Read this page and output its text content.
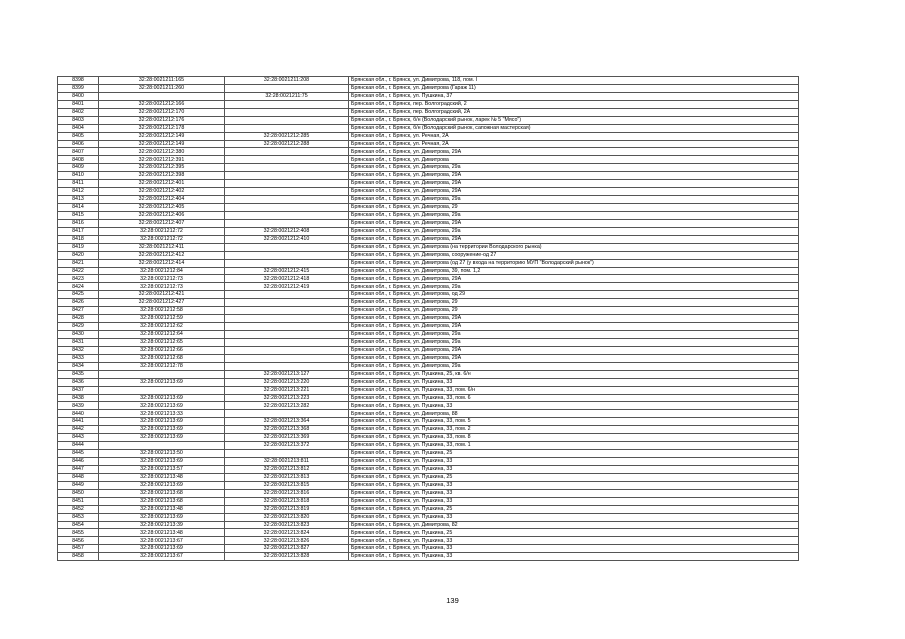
8398	32:28:0021211:165	32:28:0021211:208	Брянская обл., г. Брянск, ул. Димитрова, 118, пом. I
8399	32:28:0021211:260		Брянская обл., г. Брянск, ул. Димитрова (Гараж 11)
8400		32:28:0021211:75	Брянская обл., г. Брянск, ул. Пушкина, 37
8401	32:28:0021212:166		Брянская обл., г. Брянск, пер. Волгоградский, 2
8402	32:28:0021212:170		Брянская обл., г. Брянск, пер. Волгоградский, 2А
8403	32:28:0021212:176		Брянская обл., г. Брянск, б/н (Володарский рынок, ларек № 5 "Мясо")
8404	32:28:0021212:178		Брянская обл., г. Брянск, б/н (Володарский рынок, сапожная мастерская)
8405	32:28:0021212:149	32:28:0021212:285	Брянская обл., г. Брянск, ул. Речная, 2А
8406	32:28:0021212:149	32:28:0021212:288	Брянская обл., г. Брянск, ул. Речная, 2А
8407	32:28:0021212:380		Брянская обл., г. Брянск, ул. Димитрова, 29А
8408	32:28:0021212:391		Брянская обл., г. Брянск, ул. Димитрова
8409	32:28:0021212:395		Брянская обл., г. Брянск, ул. Димитрова, 29а
8410	32:28:0021212:398		Брянская обл., г. Брянск, ул. Димитрова, 29А
8411	32:28:0021212:401		Брянская обл., г. Брянск, ул. Димитрова, 29А
8412	32:28:0021212:402		Брянская обл., г. Брянск, ул. Димитрова, 29А
8413	32:28:0021212:404		Брянская обл., г. Брянск, ул. Димитрова, 29а
8414	32:28:0021212:405		Брянская обл., г. Брянск, ул. Димитрова, 29
8415	32:28:0021212:406		Брянская обл., г. Брянск, ул. Димитрова, 29а
8416	32:28:0021212:407		Брянская обл., г. Брянск, ул. Димитрова, 29А
8417	32:28:0021212:72	32:28:0021212:408	Брянская обл., г. Брянск, ул. Димитрова, 29а
8418	32:28:0021212:72	32:28:0021212:410	Брянская обл., г. Брянск, ул. Димитрова, 29А
8419	32:28:0021212:411		Брянская обл., г. Брянск, ул. Димитрова (на территории Володарского рынка)
8420	32:28:0021212:412		Брянская обл., г. Брянск, ул. Димитрова, сооружение-од 27
8421	32:28:0021212:414		Брянская обл., г. Брянск, ул. Димитрова (од 27 (у входа на территорию МУП "Володарский рынок")
8422	32:28:0021212:84	32:28:0021212:415	Брянская обл., г. Брянск, ул. Димитрова, 39, пом. 1,2
8423	32:28:0021212:73	32:28:0021212:418	Брянская обл., г. Брянск, ул. Димитрова, 29А
8424	32:28:0021212:73	32:28:0021212:419	Брянская обл., г. Брянск, ул. Димитрова, 29а
8425	32:28:0021212:421		Брянская обл., г. Брянск, ул. Димитрова, од 29
8426	32:28:0021212:427		Брянская обл., г. Брянск, ул. Димитрова, 29
8427	32:28:0021212:58		Брянская обл., г. Брянск, ул. Димитрова, 29
8428	32:28:0021212:59		Брянская обл., г. Брянск, ул. Димитрова, 29А
8429	32:28:0021212:62		Брянская обл., г. Брянск, ул. Димитрова, 29А
8430	32:28:0021212:64		Брянская обл., г. Брянск, ул. Димитрова, 29а
8431	32:28:0021212:65		Брянская обл., г. Брянск, ул. Димитрова, 29а
8432	32:28:0021212:66		Брянская обл., г. Брянск, ул. Димитрова, 29А
8433	32:28:0021212:68		Брянская обл., г. Брянск, ул. Димитрова, 29А
8434	32:28:0021212:78		Брянская обл., г. Брянск, ул. Димитрова, 29а
8435		32:28:0021213:127	Брянская обл., г. Брянск, ул. Пушкина, 25, кв. 6/н
8436	32:28:0021213:69	32:28:0021213:220	Брянская обл., г. Брянск, ул. Пушкина, 33
8437		32:28:0021213:221	Брянская обл., г. Брянск, ул. Пушкина, 33, пом. 6/н
8438	32:28:0021213:69	32:28:0021213:223	Брянская обл., г. Брянск, ул. Пушкина, 33, пом. 6
8439	32:28:0021213:69	32:28:0021213:282	Брянская обл., г. Брянск, ул. Пушкина, 33
8440	32:28:0021213:33		Брянская обл., г. Брянск, ул. Димитрова, 88
8441	32:28:0021213:69	32:28:0021213:364	Брянская обл., г. Брянск, ул. Пушкина, 33, пом. 5
8442	32:28:0021213:69	32:28:0021213:368	Брянская обл., г. Брянск, ул. Пушкина, 33, пом. 2
8443	32:28:0021213:69	32:28:0021213:369	Брянская обл., г. Брянск, ул. Пушкина, 33, пом. 8
8444		32:28:0021213:372	Брянская обл., г. Брянск, ул. Пушкина, 33, пом. 1
8445	32:28:0021213:50		Брянская обл., г. Брянск, ул. Пушкина, 25
8446	32:28:0021213:69	32:28:0021213:811	Брянская обл., г. Брянск, ул. Пушкина, 33
8447	32:28:0021213:57	32:28:0021213:812	Брянская обл., г. Брянск, ул. Пушкина, 33
8448	32:28:0021213:48	32:28:0021213:813	Брянская обл., г. Брянск, ул. Пушкина, 25
8449	32:28:0021213:69	32:28:0021213:815	Брянская обл., г. Брянск, ул. Пушкина, 33
8450	32:28:0021213:68	32:28:0021213:816	Брянская обл., г. Брянск, ул. Пушкина, 33
8451	32:28:0021213:68	32:28:0021213:818	Брянская обл., г. Брянск, ул. Пушкина, 33
8452	32:28:0021213:48	32:28:0021213:819	Брянская обл., г. Брянск, ул. Пушкина, 25
8453	32:28:0021213:69	32:28:0021213:820	Брянская обл., г. Брянск, ул. Пушкина, 33
8454	32:28:0021213:39	32:28:0021213:823	Брянская обл., г. Брянск, ул. Димитрова, 82
8455	32:28:0021213:48	32:28:0021213:824	Брянская обл., г. Брянск, ул. Пушкина, 25
8456	32:28:0021213:67	32:28:0021213:826	Брянская обл., г. Брянск, ул. Пушкина, 33
8457	32:28:0021213:69	32:28:0021213:827	Брянская обл., г. Брянск, ул. Пушкина, 33
8458	32:28:0021213:67	32:28:0021213:828	Брянская обл., г. Брянск, ул. Пушкина, 33
139
